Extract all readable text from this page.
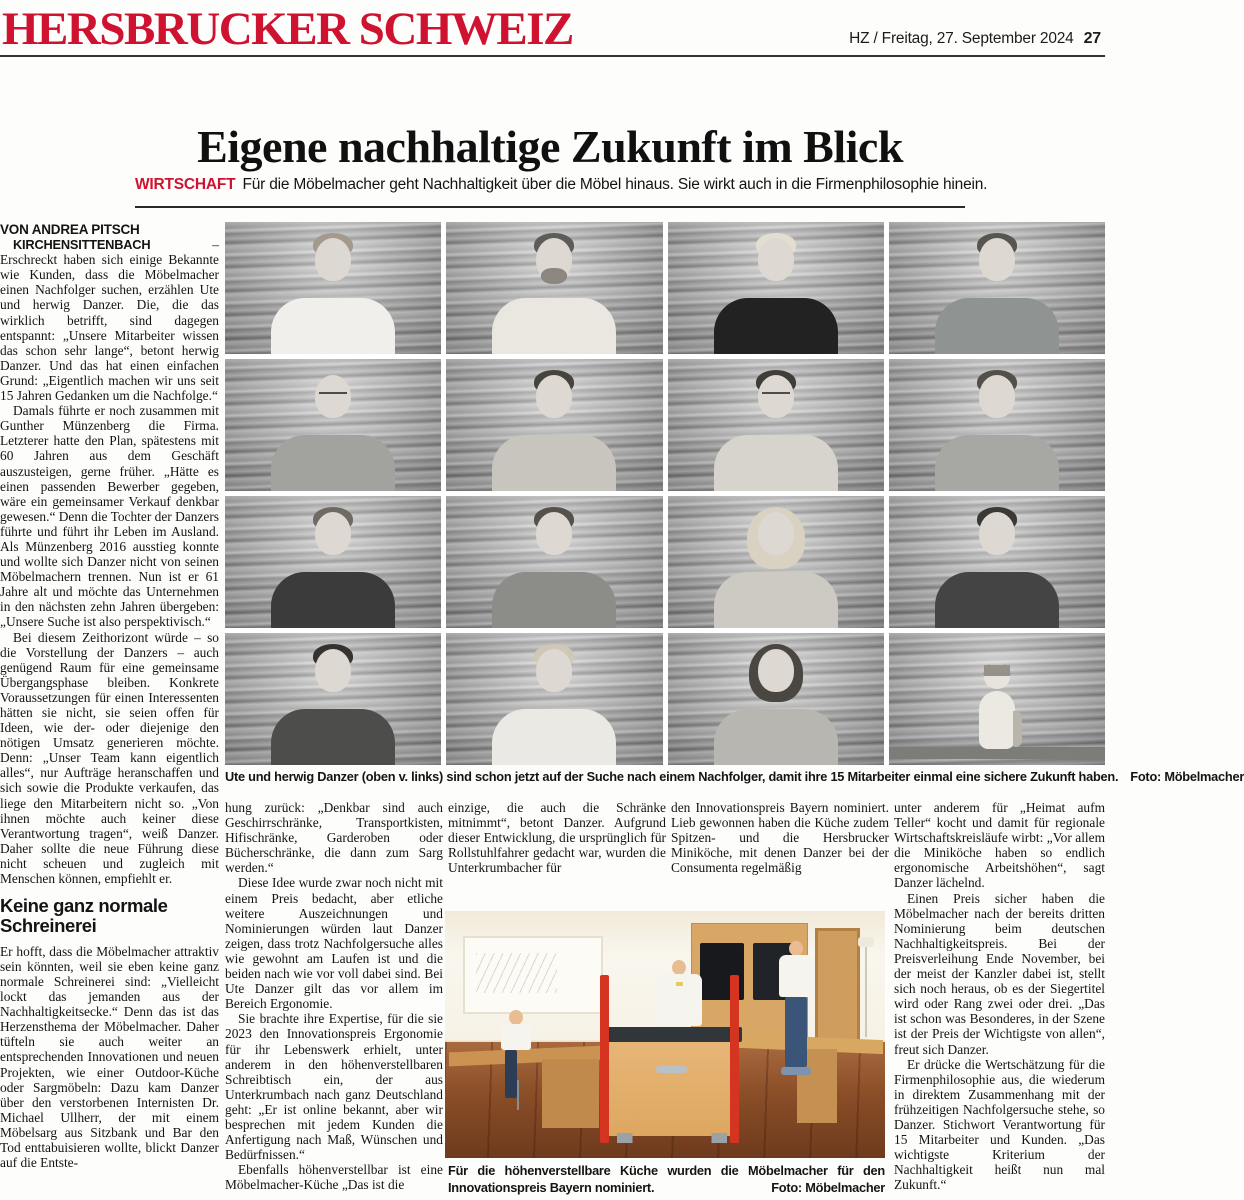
HERSBRUCKER SCHWEIZ	HZ / Freitag, 27. September 2024 27
Eigene nachhaltige Zukunft im Blick
WIRTSCHAFT Für die Möbelmacher geht Nachhaltigkeit über die Möbel hinaus. Sie wirkt auch in die Firmenphilosophie hinein.

VON ANDREA PITSCH

KIRCHENSITTENBACH – Erschreckt haben sich einige Bekannte wie Kunden, dass die Möbelmacher einen Nachfolger suchen, erzählen Ute und herwig Danzer. Die, die das wirklich betrifft, sind dagegen entspannt: „Unsere Mitarbeiter wissen das schon sehr lange“, betont herwig Danzer. Und das hat einen einfachen Grund: „Eigentlich machen wir uns seit 15 Jahren Gedanken um die Nachfolge.“

Damals führte er noch zusammen mit Gunther Münzenberg die Firma. Letzterer hatte den Plan, spätestens mit 60 Jahren aus dem Geschäft auszusteigen, gerne früher. „Hätte es einen passenden Bewerber gegeben, wäre ein gemeinsamer Verkauf denkbar gewesen.“ Denn die Tochter der Danzers führte und führt ihr Leben im Ausland. Als Münzenberg 2016 ausstieg konnte und wollte sich Danzer nicht von seinen Möbelmachern trennen. Nun ist er 61 Jahre alt und möchte das Unternehmen in den nächsten zehn Jahren übergeben: „Unsere Suche ist also perspektivisch.“

Bei diesem Zeithorizont würde – so die Vorstellung der Danzers – auch genügend Raum für eine gemeinsame Übergangsphase bleiben. Konkrete Voraussetzungen für einen Interessenten hätten sie nicht, sie seien offen für Ideen, wie der- oder diejenige den nötigen Umsatz generieren möchte. Denn: „Unser Team kann eigentlich alles“, nur Aufträge heranschaffen und sich sowie die Produkte verkaufen, das liege den Mitarbeitern nicht so. „Von ihnen möchte auch keiner diese Verantwortung tragen“, weiß Danzer. Daher sollte die neue Führung diese nicht scheuen und zugleich mit Menschen können, empfiehlt er.

Keine ganz normale Schreinerei

Er hofft, dass die Möbelmacher attraktiv sein könnten, weil sie eben keine ganz normale Schreinerei sind: „Vielleicht lockt das jemanden aus der Nachhaltigkeitsecke.“ Denn das ist das Herzensthema der Möbelmacher. Daher tüfteln sie auch weiter an entsprechenden Innovationen und neuen Projekten, wie einer Outdoor-Küche oder Sargmöbeln: Dazu kam Danzer über den verstorbenen Internisten Dr. Michael Ullherr, der mit einem Möbelsarg aus Sitzbank und Bar den Tod enttabuisieren wollte, blickt Danzer auf die Entste-

Ute und herwig Danzer (oben v. links) sind schon jetzt auf der Suche nach einem Nachfolger, damit ihre 15 Mitarbeiter einmal eine sichere Zukunft haben. Foto: Möbelmacher

hung zurück: „Denkbar sind auch Geschirrschränke, Transportkisten, Hifischränke, Garderoben oder Bücherschränke, die dann zum Sarg werden.“

Diese Idee wurde zwar noch nicht mit einem Preis bedacht, aber etliche weitere Auszeichnungen und Nominierungen würden laut Danzer zeigen, dass trotz Nachfolgersuche alles wie gewohnt am Laufen ist und die beiden nach wie vor voll dabei sind. Bei Ute Danzer gilt das vor allem im Bereich Ergonomie.

Sie brachte ihre Expertise, für die sie 2023 den Innovationspreis Ergonomie für ihr Lebenswerk erhielt, unter anderem in den höhenverstellbaren Schreibtisch ein, der aus Unterkrumbach nach ganz Deutschland geht: „Er ist online bekannt, aber wir besprechen mit jedem Kunden die Anfertigung nach Maß, Wünschen und Bedürfnissen.“

Ebenfalls höhenverstellbar ist eine Möbelmacher-Küche „Das ist die

einzige, die auch die Schränke mitnimmt“, betont Danzer. Aufgrund dieser Entwicklung, die ursprünglich für Rollstuhlfahrer gedacht war, wurden die Unterkrumbacher für

den Innovationspreis Bayern nominiert. Lieb gewonnen haben die Küche zudem Spitzen- und die Hersbrucker Miniköche, mit denen Danzer bei der Consumenta regelmäßig

unter anderem für „Heimat aufm Teller“ kocht und damit für regionale Wirtschaftskreisläufe wirbt: „Vor allem die Miniköche haben so endlich ergonomische Arbeitshöhen“, sagt Danzer lächelnd.

Einen Preis sicher haben die Möbelmacher nach der bereits dritten Nominierung beim deutschen Nachhaltigkeitspreis. Bei der Preisverleihung Ende November, bei der meist der Kanzler dabei ist, stellt sich noch heraus, ob es der Siegertitel wird oder Rang zwei oder drei. „Das ist schon was Besonderes, in der Szene ist der Preis der Wichtigste von allen“, freut sich Danzer.

Er drücke die Wertschätzung für die Firmenphilosophie aus, die wiederum in direktem Zusammenhang mit der frühzeitigen Nachfolgersuche stehe, so Danzer. Stichwort Verantwortung für 15 Mitarbeiter und Kunden. „Das wichtigste Kriterium der Nachhaltigkeit heißt nun mal Zukunft.“

Für die höhenverstellbare Küche wurden die Möbelmacher für den Innovationspreis Bayern nominiert.	Foto: Möbelmacher
